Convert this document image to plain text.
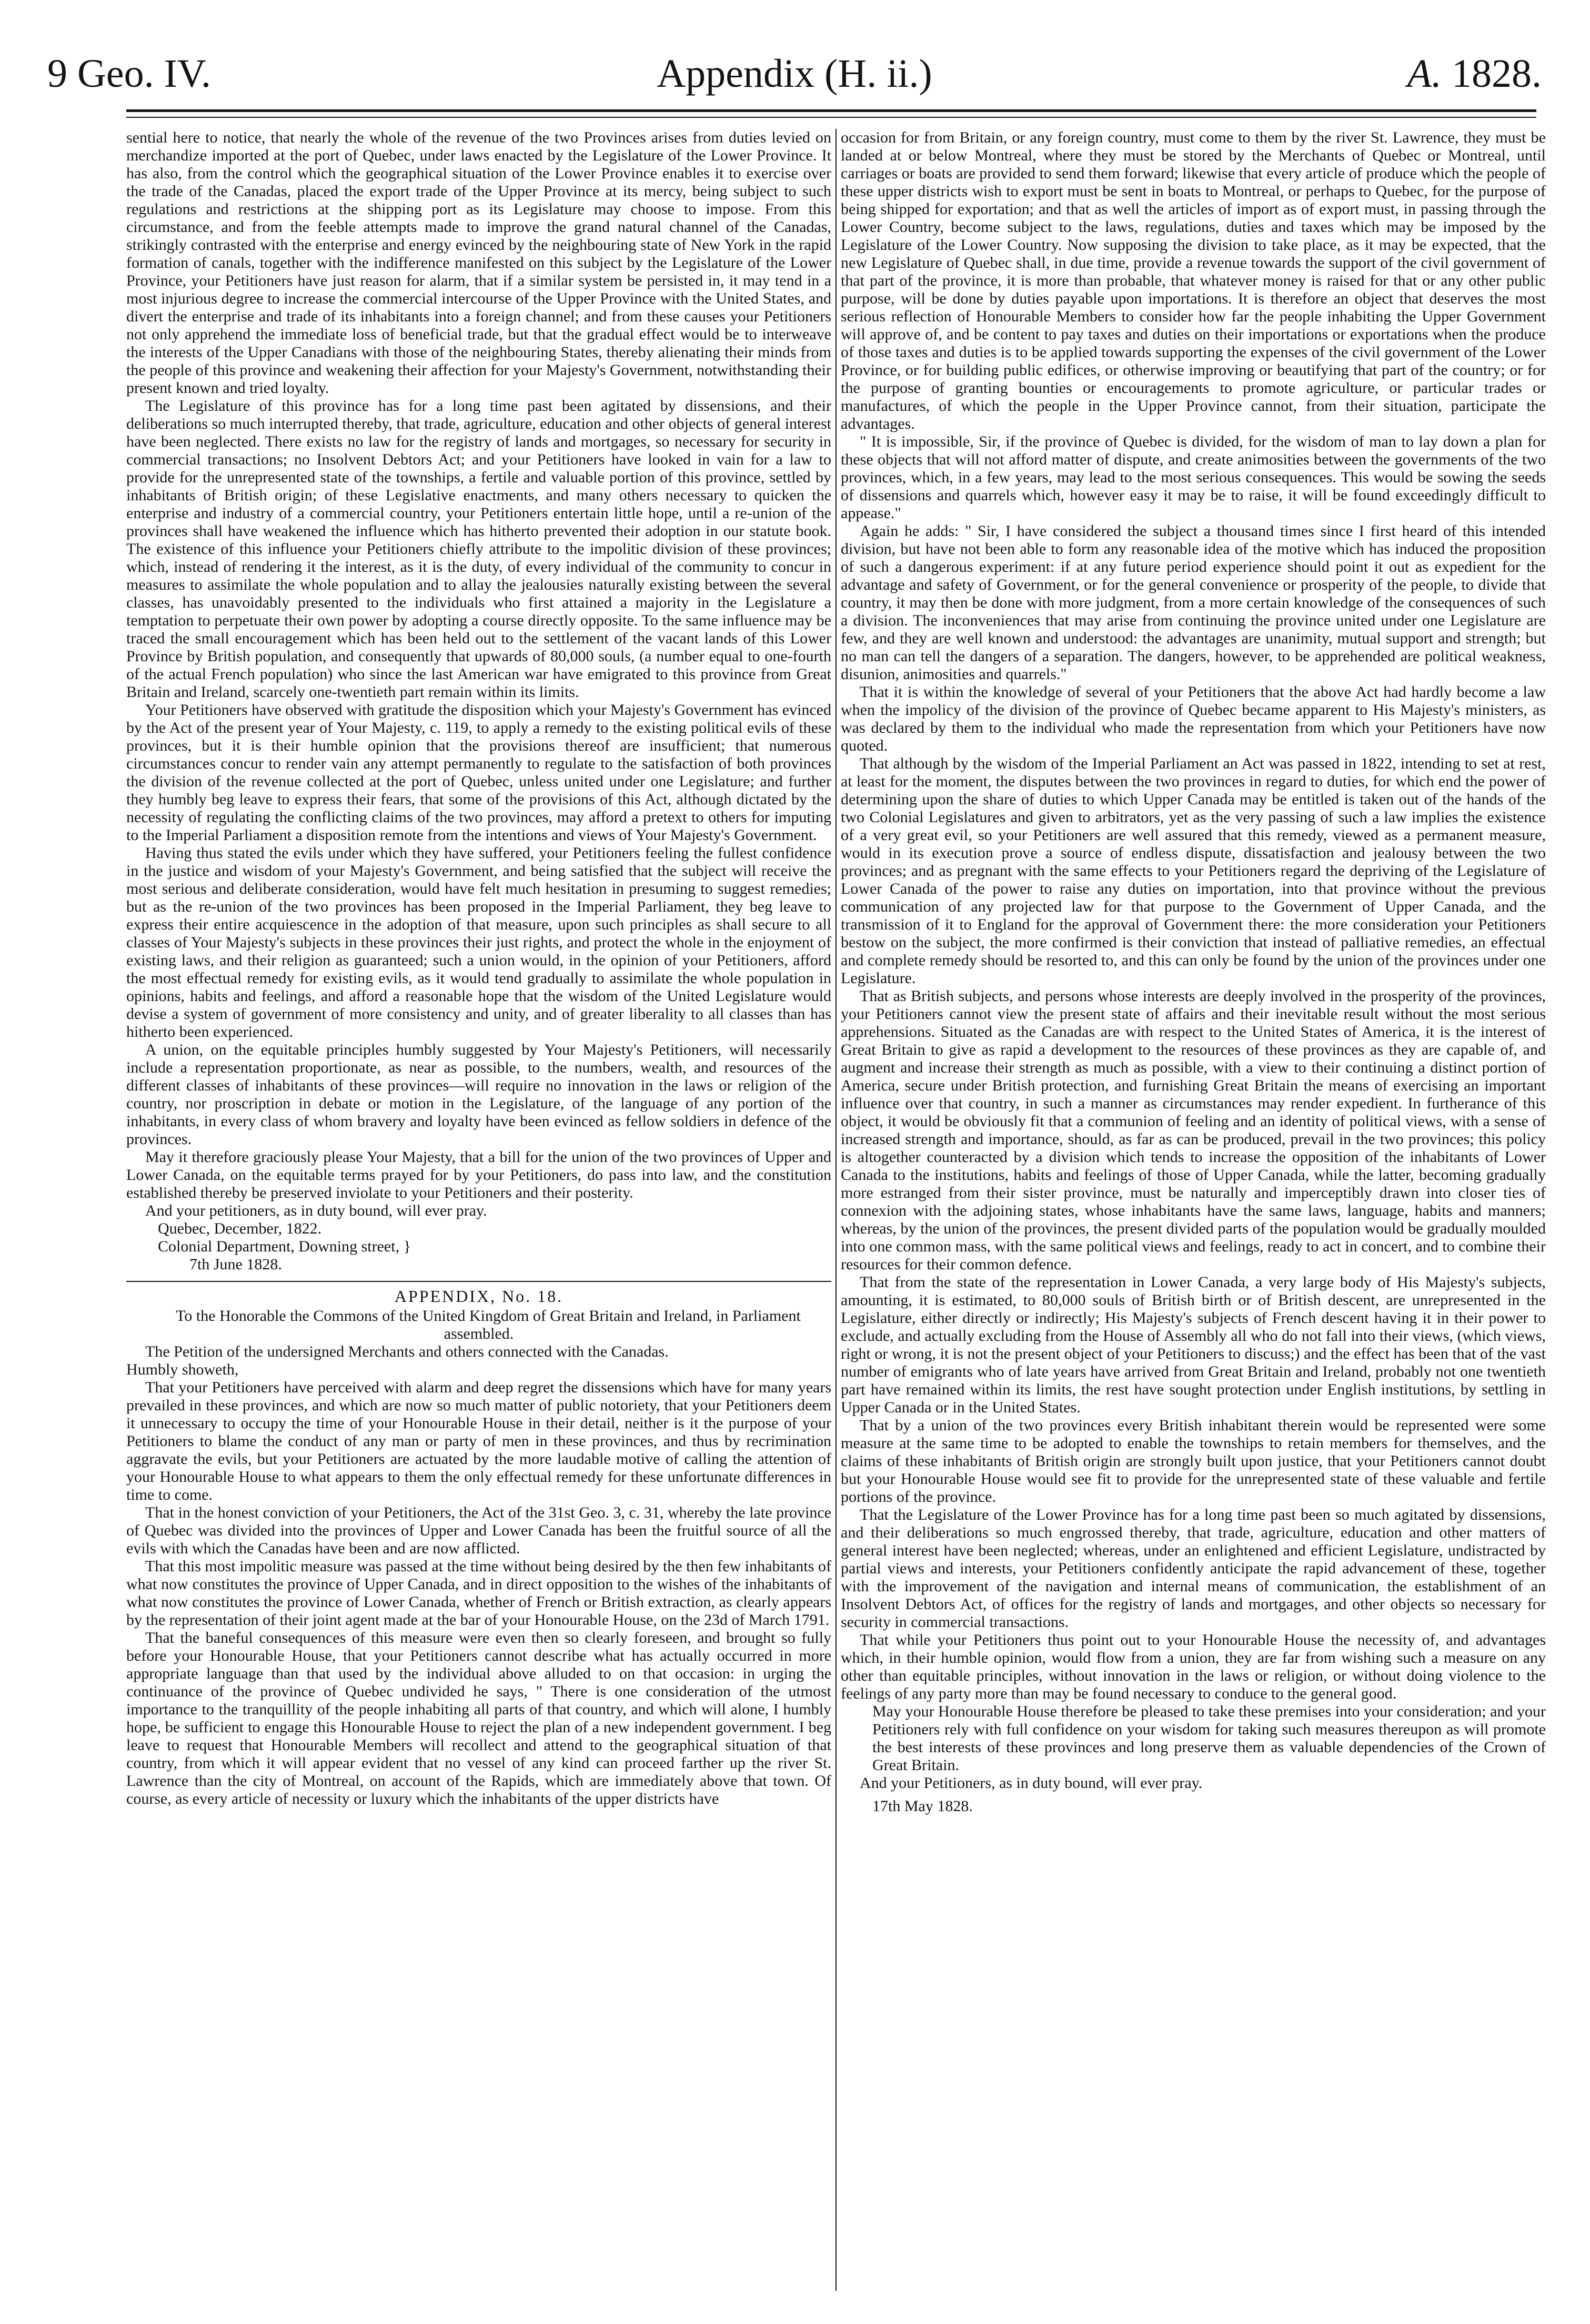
9 Geo. IV.	Appendix (H. ii.)	A. 1828.

sential here to notice, that nearly the whole of the revenue of the two Provinces arises from duties levied on merchandize imported at the port of Quebec, under laws enacted by the Legislature of the Lower Province. It has also, from the control which the geographical situation of the Lower Province enables it to exercise over the trade of the Canadas, placed the export trade of the Upper Province at its mercy, being subject to such regulations and restrictions at the shipping port as its Legislature may choose to impose. From this circumstance, and from the feeble attempts made to improve the grand natural channel of the Canadas, strikingly contrasted with the enterprise and energy evinced by the neighbouring state of New York in the rapid formation of canals, together with the indifference manifested on this subject by the Legislature of the Lower Province, your Petitioners have just reason for alarm, that if a similar system be persisted in, it may tend in a most injurious degree to increase the commercial intercourse of the Upper Province with the United States, and divert the enterprise and trade of its inhabitants into a foreign channel; and from these causes your Petitioners not only apprehend the immediate loss of beneficial trade, but that the gradual effect would be to interweave the interests of the Upper Canadians with those of the neighbouring States, thereby alienating their minds from the people of this province and weakening their affection for your Majesty's Government, notwithstanding their present known and tried loyalty.

The Legislature of this province has for a long time past been agitated by dissensions, and their deliberations so much interrupted thereby, that trade, agriculture, education and other objects of general interest have been neglected. There exists no law for the registry of lands and mortgages, so necessary for security in commercial transactions; no Insolvent Debtors Act; and your Petitioners have looked in vain for a law to provide for the unrepresented state of the townships, a fertile and valuable portion of this province, settled by inhabitants of British origin; of these Legislative enactments, and many others necessary to quicken the enterprise and industry of a commercial country, your Petitioners entertain little hope, until a re-union of the provinces shall have weakened the influence which has hitherto prevented their adoption in our statute book. The existence of this influence your Petitioners chiefly attribute to the impolitic division of these provinces; which, instead of rendering it the interest, as it is the duty, of every individual of the community to concur in measures to assimilate the whole population and to allay the jealousies naturally existing between the several classes, has unavoidably presented to the individuals who first attained a majority in the Legislature a temptation to perpetuate their own power by adopting a course directly opposite. To the same influence may be traced the small encouragement which has been held out to the settlement of the vacant lands of this Lower Province by British population, and consequently that upwards of 80,000 souls, (a number equal to one-fourth of the actual French population) who since the last American war have emigrated to this province from Great Britain and Ireland, scarcely one-twentieth part remain within its limits.

Your Petitioners have observed with gratitude the disposition which your Majesty's Government has evinced by the Act of the present year of Your Majesty, c. 119, to apply a remedy to the existing political evils of these provinces, but it is their humble opinion that the provisions thereof are insufficient; that numerous circumstances concur to render vain any attempt permanently to regulate to the satisfaction of both provinces the division of the revenue collected at the port of Quebec, unless united under one Legislature; and further they humbly beg leave to express their fears, that some of the provisions of this Act, although dictated by the necessity of regulating the conflicting claims of the two provinces, may afford a pretext to others for imputing to the Imperial Parliament a disposition remote from the intentions and views of Your Majesty's Government.

Having thus stated the evils under which they have suffered, your Petitioners feeling the fullest confidence in the justice and wisdom of your Majesty's Government, and being satisfied that the subject will receive the most serious and deliberate consideration, would have felt much hesitation in presuming to suggest remedies; but as the re-union of the two provinces has been proposed in the Imperial Parliament, they beg leave to express their entire acquiescence in the adoption of that measure, upon such principles as shall secure to all classes of Your Majesty's subjects in these provinces their just rights, and protect the whole in the enjoyment of existing laws, and their religion as guaranteed; such a union would, in the opinion of your Petitioners, afford the most effectual remedy for existing evils, as it would tend gradually to assimilate the whole population in opinions, habits and feelings, and afford a reasonable hope that the wisdom of the United Legislature would devise a system of government of more consistency and unity, and of greater liberality to all classes than has hitherto been experienced.

A union, on the equitable principles humbly suggested by Your Majesty's Petitioners, will necessarily include a representation proportionate, as near as possible, to the numbers, wealth, and resources of the different classes of inhabitants of these provinces—will require no innovation in the laws or religion of the country, nor proscription in debate or motion in the Legislature, of the language of any portion of the inhabitants, in every class of whom bravery and loyalty have been evinced as fellow soldiers in defence of the provinces.

May it therefore graciously please Your Majesty, that a bill for the union of the two provinces of Upper and Lower Canada, on the equitable terms prayed for by your Petitioners, do pass into law, and the constitution established thereby be preserved inviolate to your Petitioners and their posterity.

And your petitioners, as in duty bound, will ever pray.

Quebec, December, 1822.

Colonial Department, Downing street, }

7th June 1828.

APPENDIX, No. 18.

To the Honorable the Commons of the United Kingdom of Great Britain and Ireland, in Parliament assembled.

The Petition of the undersigned Merchants and others connected with the Canadas.

Humbly showeth,

That your Petitioners have perceived with alarm and deep regret the dissensions which have for many years prevailed in these provinces, and which are now so much matter of public notoriety, that your Petitioners deem it unnecessary to occupy the time of your Honourable House in their detail, neither is it the purpose of your Petitioners to blame the conduct of any man or party of men in these provinces, and thus by recrimination aggravate the evils, but your Petitioners are actuated by the more laudable motive of calling the attention of your Honourable House to what appears to them the only effectual remedy for these unfortunate differences in time to come.

That in the honest conviction of your Petitioners, the Act of the 31st Geo. 3, c. 31, whereby the late province of Quebec was divided into the provinces of Upper and Lower Canada has been the fruitful source of all the evils with which the Canadas have been and are now afflicted.

That this most impolitic measure was passed at the time without being desired by the then few inhabitants of what now constitutes the province of Upper Canada, and in direct opposition to the wishes of the inhabitants of what now constitutes the province of Lower Canada, whether of French or British extraction, as clearly appears by the representation of their joint agent made at the bar of your Honourable House, on the 23d of March 1791.

That the baneful consequences of this measure were even then so clearly foreseen, and brought so fully before your Honourable House, that your Petitioners cannot describe what has actually occurred in more appropriate language than that used by the individual above alluded to on that occasion: in urging the continuance of the province of Quebec undivided he says, " There is one consideration of the utmost importance to the tranquillity of the people inhabiting all parts of that country, and which will alone, I humbly hope, be sufficient to engage this Honourable House to reject the plan of a new independent government. I beg leave to request that Honourable Members will recollect and attend to the geographical situation of that country, from which it will appear evident that no vessel of any kind can proceed farther up the river St. Lawrence than the city of Montreal, on account of the Rapids, which are immediately above that town. Of course, as every article of necessity or luxury which the inhabitants of the upper districts have

occasion for from Britain, or any foreign country, must come to them by the river St. Lawrence, they must be landed at or below Montreal, where they must be stored by the Merchants of Quebec or Montreal, until carriages or boats are provided to send them forward; likewise that every article of produce which the people of these upper districts wish to export must be sent in boats to Montreal, or perhaps to Quebec, for the purpose of being shipped for exportation; and that as well the articles of import as of export must, in passing through the Lower Country, become subject to the laws, regulations, duties and taxes which may be imposed by the Legislature of the Lower Country. Now supposing the division to take place, as it may be expected, that the new Legislature of Quebec shall, in due time, provide a revenue towards the support of the civil government of that part of the province, it is more than probable, that whatever money is raised for that or any other public purpose, will be done by duties payable upon importations. It is therefore an object that deserves the most serious reflection of Honourable Members to consider how far the people inhabiting the Upper Government will approve of, and be content to pay taxes and duties on their importations or exportations when the produce of those taxes and duties is to be applied towards supporting the expenses of the civil government of the Lower Province, or for building public edifices, or otherwise improving or beautifying that part of the country; or for the purpose of granting bounties or encouragements to promote agriculture, or particular trades or manufactures, of which the people in the Upper Province cannot, from their situation, participate the advantages.

" It is impossible, Sir, if the province of Quebec is divided, for the wisdom of man to lay down a plan for these objects that will not afford matter of dispute, and create animosities between the governments of the two provinces, which, in a few years, may lead to the most serious consequences. This would be sowing the seeds of dissensions and quarrels which, however easy it may be to raise, it will be found exceedingly difficult to appease."

Again he adds: " Sir, I have considered the subject a thousand times since I first heard of this intended division, but have not been able to form any reasonable idea of the motive which has induced the proposition of such a dangerous experiment: if at any future period experience should point it out as expedient for the advantage and safety of Government, or for the general convenience or prosperity of the people, to divide that country, it may then be done with more judgment, from a more certain knowledge of the consequences of such a division. The inconveniences that may arise from continuing the province united under one Legislature are few, and they are well known and understood: the advantages are unanimity, mutual support and strength; but no man can tell the dangers of a separation. The dangers, however, to be apprehended are political weakness, disunion, animosities and quarrels."

That it is within the knowledge of several of your Petitioners that the above Act had hardly become a law when the impolicy of the division of the province of Quebec became apparent to His Majesty's ministers, as was declared by them to the individual who made the representation from which your Petitioners have now quoted.

That although by the wisdom of the Imperial Parliament an Act was passed in 1822, intending to set at rest, at least for the moment, the disputes between the two provinces in regard to duties, for which end the power of determining upon the share of duties to which Upper Canada may be entitled is taken out of the hands of the two Colonial Legislatures and given to arbitrators, yet as the very passing of such a law implies the existence of a very great evil, so your Petitioners are well assured that this remedy, viewed as a permanent measure, would in its execution prove a source of endless dispute, dissatisfaction and jealousy between the two provinces; and as pregnant with the same effects to your Petitioners regard the depriving of the Legislature of Lower Canada of the power to raise any duties on importation, into that province without the previous communication of any projected law for that purpose to the Government of Upper Canada, and the transmission of it to England for the approval of Government there: the more consideration your Petitioners bestow on the subject, the more confirmed is their conviction that instead of palliative remedies, an effectual and complete remedy should be resorted to, and this can only be found by the union of the provinces under one Legislature.

That as British subjects, and persons whose interests are deeply involved in the prosperity of the provinces, your Petitioners cannot view the present state of affairs and their inevitable result without the most serious apprehensions. Situated as the Canadas are with respect to the United States of America, it is the interest of Great Britain to give as rapid a development to the resources of these provinces as they are capable of, and augment and increase their strength as much as possible, with a view to their continuing a distinct portion of America, secure under British protection, and furnishing Great Britain the means of exercising an important influence over that country, in such a manner as circumstances may render expedient. In furtherance of this object, it would be obviously fit that a communion of feeling and an identity of political views, with a sense of increased strength and importance, should, as far as can be produced, prevail in the two provinces; this policy is altogether counteracted by a division which tends to increase the opposition of the inhabitants of Lower Canada to the institutions, habits and feelings of those of Upper Canada, while the latter, becoming gradually more estranged from their sister province, must be naturally and imperceptibly drawn into closer ties of connexion with the adjoining states, whose inhabitants have the same laws, language, habits and manners; whereas, by the union of the provinces, the present divided parts of the population would be gradually moulded into one common mass, with the same political views and feelings, ready to act in concert, and to combine their resources for their common defence.

That from the state of the representation in Lower Canada, a very large body of His Majesty's subjects, amounting, it is estimated, to 80,000 souls of British birth or of British descent, are unrepresented in the Legislature, either directly or indirectly; His Majesty's subjects of French descent having it in their power to exclude, and actually excluding from the House of Assembly all who do not fall into their views, (which views, right or wrong, it is not the present object of your Petitioners to discuss;) and the effect has been that of the vast number of emigrants who of late years have arrived from Great Britain and Ireland, probably not one twentieth part have remained within its limits, the rest have sought protection under English institutions, by settling in Upper Canada or in the United States.

That by a union of the two provinces every British inhabitant therein would be represented were some measure at the same time to be adopted to enable the townships to retain members for themselves, and the claims of these inhabitants of British origin are strongly built upon justice, that your Petitioners cannot doubt but your Honourable House would see fit to provide for the unrepresented state of these valuable and fertile portions of the province.

That the Legislature of the Lower Province has for a long time past been so much agitated by dissensions, and their deliberations so much engrossed thereby, that trade, agriculture, education and other matters of general interest have been neglected; whereas, under an enlightened and efficient Legislature, undistracted by partial views and interests, your Petitioners confidently anticipate the rapid advancement of these, together with the improvement of the navigation and internal means of communication, the establishment of an Insolvent Debtors Act, of offices for the registry of lands and mortgages, and other objects so necessary for security in commercial transactions.

That while your Petitioners thus point out to your Honourable House the necessity of, and advantages which, in their humble opinion, would flow from a union, they are far from wishing such a measure on any other than equitable principles, without innovation in the laws or religion, or without doing violence to the feelings of any party more than may be found necessary to conduce to the general good.

May your Honourable House therefore be pleased to take these premises into your consideration; and your Petitioners rely with full confidence on your wisdom for taking such measures thereupon as will promote the best interests of these provinces and long preserve them as valuable dependencies of the Crown of Great Britain.

And your Petitioners, as in duty bound, will ever pray.

17th May 1828.
